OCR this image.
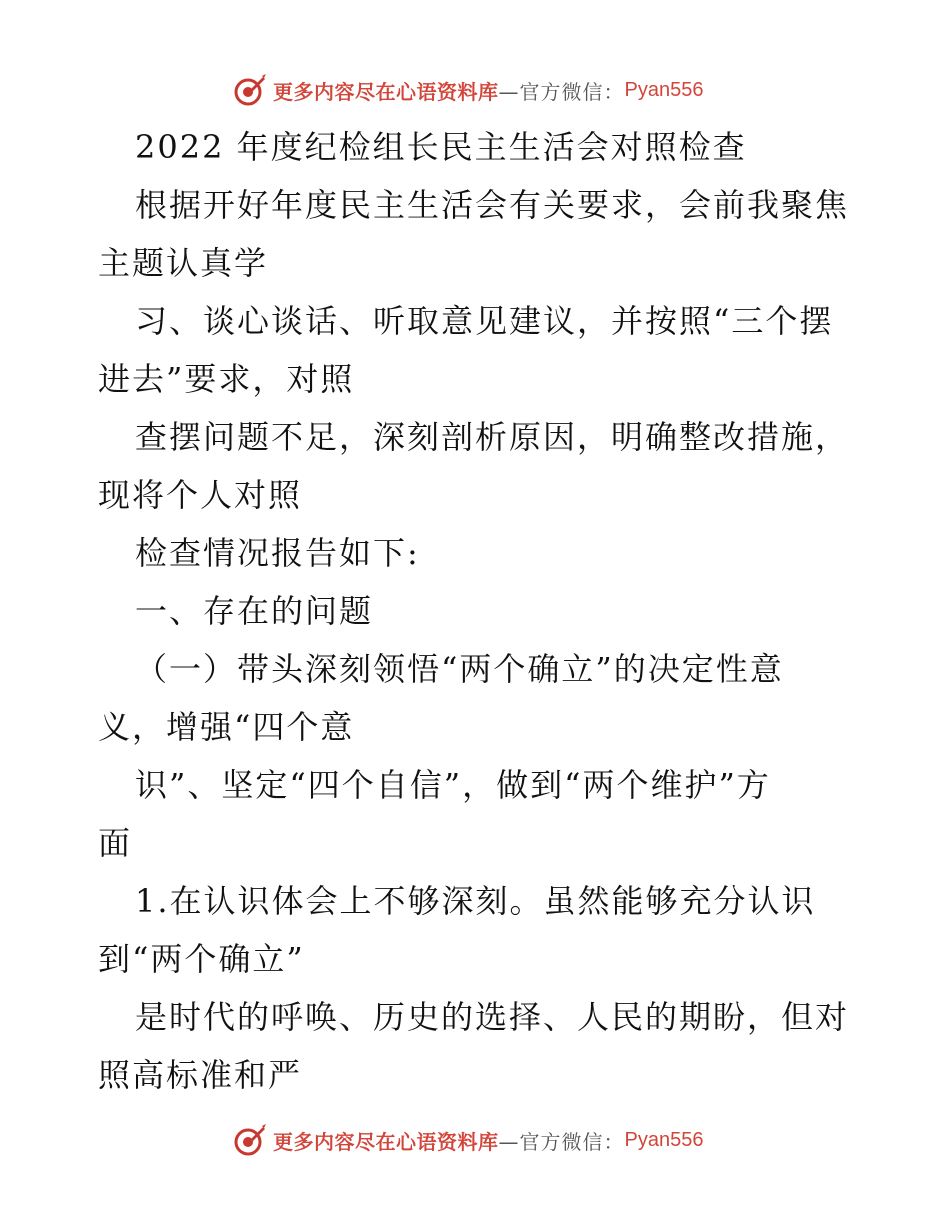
更多内容尽在心语资料库 —官方微信： Pyan556
2022 年度纪检组长民主生活会对照检查
根据开好年度民主生活会有关要求，会前我聚焦
主题认真学
习、谈心谈话、听取意见建议，并按照“三个摆
进去”要求，对照
查摆问题不足，深刻剖析原因，明确整改措施，
现将个人对照
检查情况报告如下:
一、存在的问题
（一）带头深刻领悟“两个确立”的决定性意
义，增强“四个意
识”、坚定“四个自信”，做到“两个维护”方
面
1.在认识体会上不够深刻。虽然能够充分认识
到“两个确立”
是时代的呼唤、历史的选择、人民的期盼，但对
照高标准和严
更多内容尽在心语资料库 —官方微信： Pyan556
